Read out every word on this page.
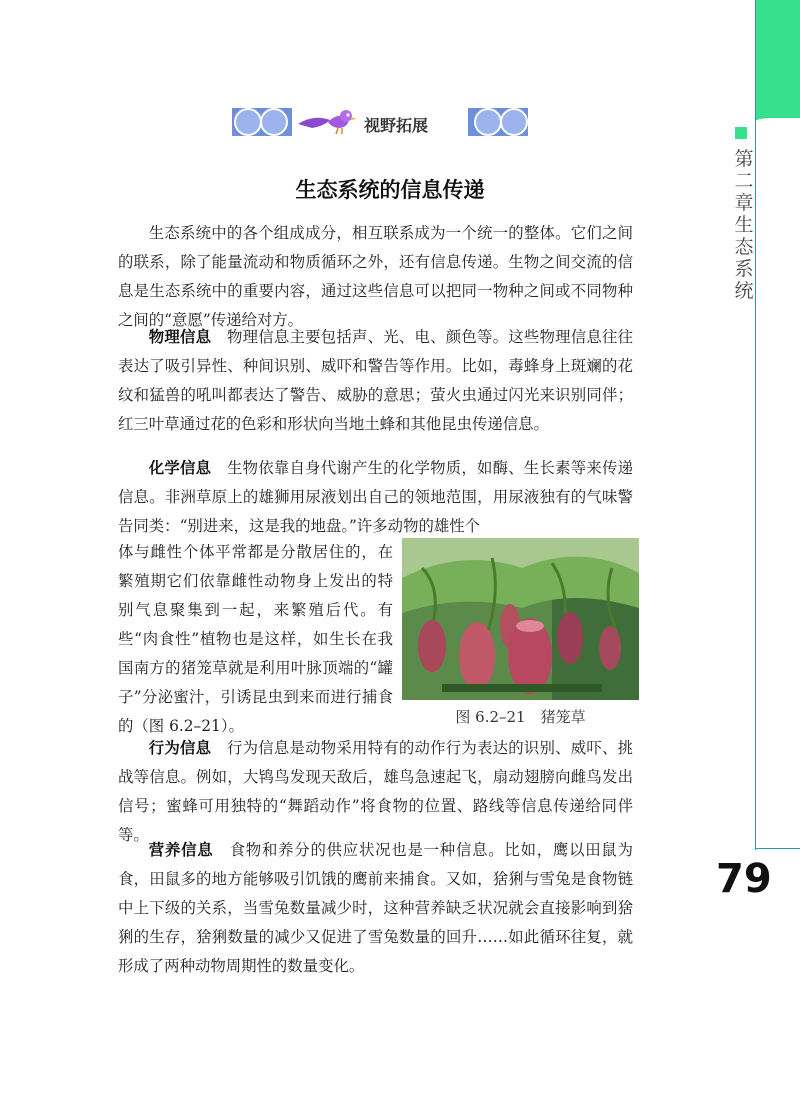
第二章 生态系统
79
视野拓展
生态系统的信息传递

生态系统中的各个组成成分，相互联系成为一个统一的整体。它们之间的联系，除了能量流动和物质循环之外，还有信息传递。生物之间交流的信息是生态系统中的重要内容，通过这些信息可以把同一物种之间或不同物种之间的“意愿”传递给对方。

物理信息　 物理信息主要包括声、光、电、颜色等。这些物理信息往往表达了吸引异性、种间识别、威吓和警告等作用。比如，毒蜂身上斑斓的花纹和猛兽的吼叫都表达了警告、威胁的意思；萤火虫通过闪光来识别同伴；红三叶草通过花的色彩和形状向当地土蜂和其他昆虫传递信息。

化学信息　 生物依靠自身代谢产生的化学物质，如酶、生长素等来传递信息。非洲草原上的雄狮用尿液划出自己的领地范围，用尿液独有的气味警告同类：“别进来，这是我的地盘。”许多动物的雄性个

体与雌性个体平常都是分散居住的，在繁殖期它们依靠雌性动物身上发出的特别气息聚集到一起，来繁殖后代。有些“肉食性”植物也是这样，如生长在我国南方的猪笼草就是利用叶脉顶端的“罐子”分泌蜜汁，引诱昆虫到来而进行捕食的（图 6.2–21）。	图 6.2–21　猪笼草

行为信息　 行为信息是动物采用特有的动作行为表达的识别、威吓、挑战等信息。例如，大鸨鸟发现天敌后，雄鸟急速起飞，扇动翅膀向雌鸟发出信号；蜜蜂可用独特的“舞蹈动作”将食物的位置、路线等信息传递给同伴等。

营养信息　 食物和养分的供应状况也是一种信息。比如，鹰以田鼠为食，田鼠多的地方能够吸引饥饿的鹰前来捕食。又如，猞猁与雪兔是食物链中上下级的关系，当雪兔数量减少时，这种营养缺乏状况就会直接影响到猞猁的生存，猞猁数量的减少又促进了雪兔数量的回升……如此循环往复，就形成了两种动物周期性的数量变化。
